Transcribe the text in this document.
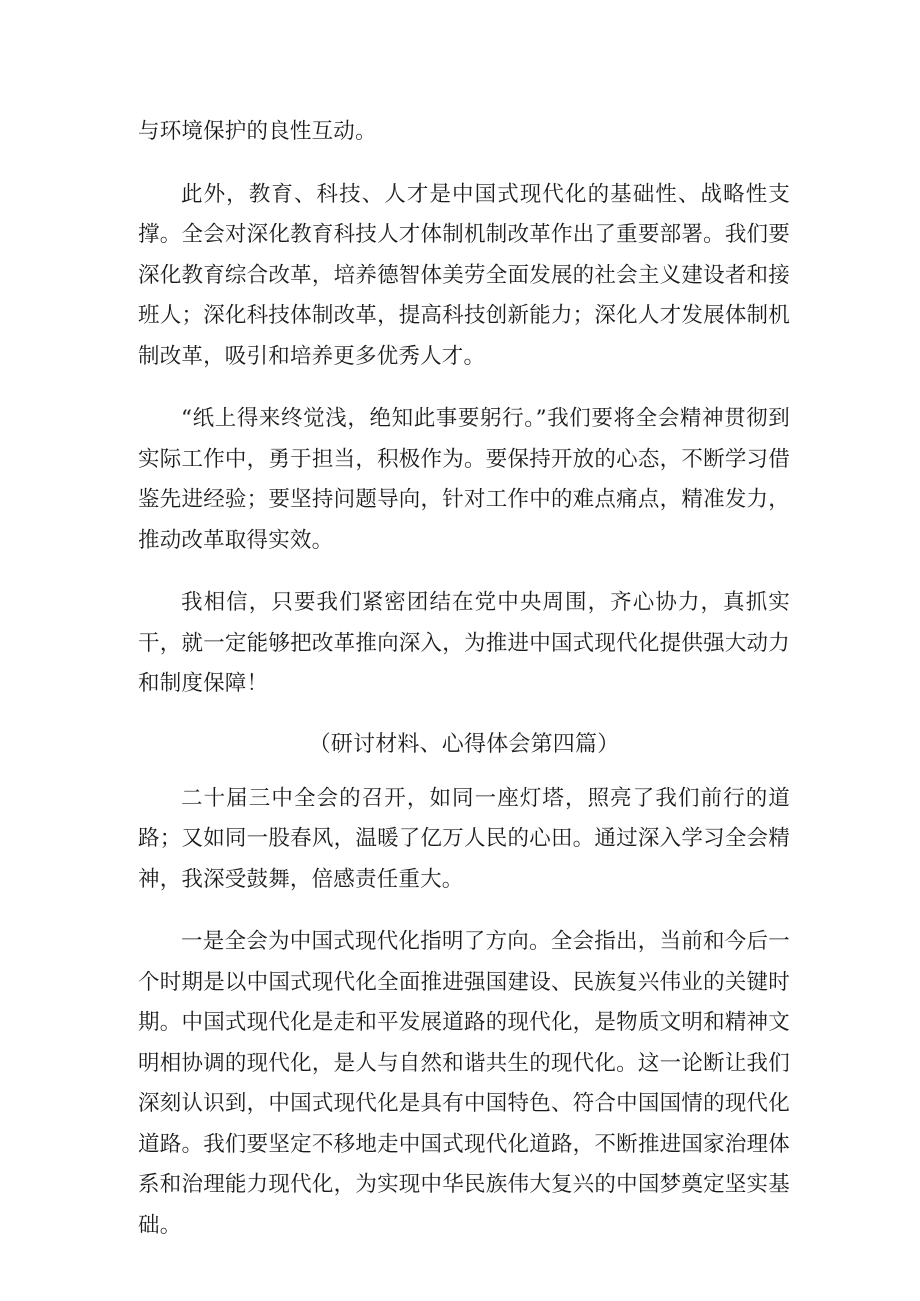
与环境保护的良性互动。

此外，教育、科技、人才是中国式现代化的基础性、战略性支撑。全会对深化教育科技人才体制机制改革作出了重要部署。我们要深化教育综合改革，培养德智体美劳全面发展的社会主义建设者和接班人；深化科技体制改革，提高科技创新能力；深化人才发展体制机制改革，吸引和培养更多优秀人才。

“纸上得来终觉浅，绝知此事要躬行。”我们要将全会精神贯彻到实际工作中，勇于担当，积极作为。要保持开放的心态，不断学习借鉴先进经验；要坚持问题导向，针对工作中的难点痛点，精准发力，推动改革取得实效。

我相信，只要我们紧密团结在党中央周围，齐心协力，真抓实干，就一定能够把改革推向深入，为推进中国式现代化提供强大动力和制度保障！

（研讨材料、心得体会第四篇）

二十届三中全会的召开，如同一座灯塔，照亮了我们前行的道路；又如同一股春风，温暖了亿万人民的心田。通过深入学习全会精神，我深受鼓舞，倍感责任重大。

一是全会为中国式现代化指明了方向。全会指出，当前和今后一个时期是以中国式现代化全面推进强国建设、民族复兴伟业的关键时期。中国式现代化是走和平发展道路的现代化，是物质文明和精神文明相协调的现代化，是人与自然和谐共生的现代化。这一论断让我们深刻认识到，中国式现代化是具有中国特色、符合中国国情的现代化道路。我们要坚定不移地走中国式现代化道路，不断推进国家治理体系和治理能力现代化，为实现中华民族伟大复兴的中国梦奠定坚实基础。
